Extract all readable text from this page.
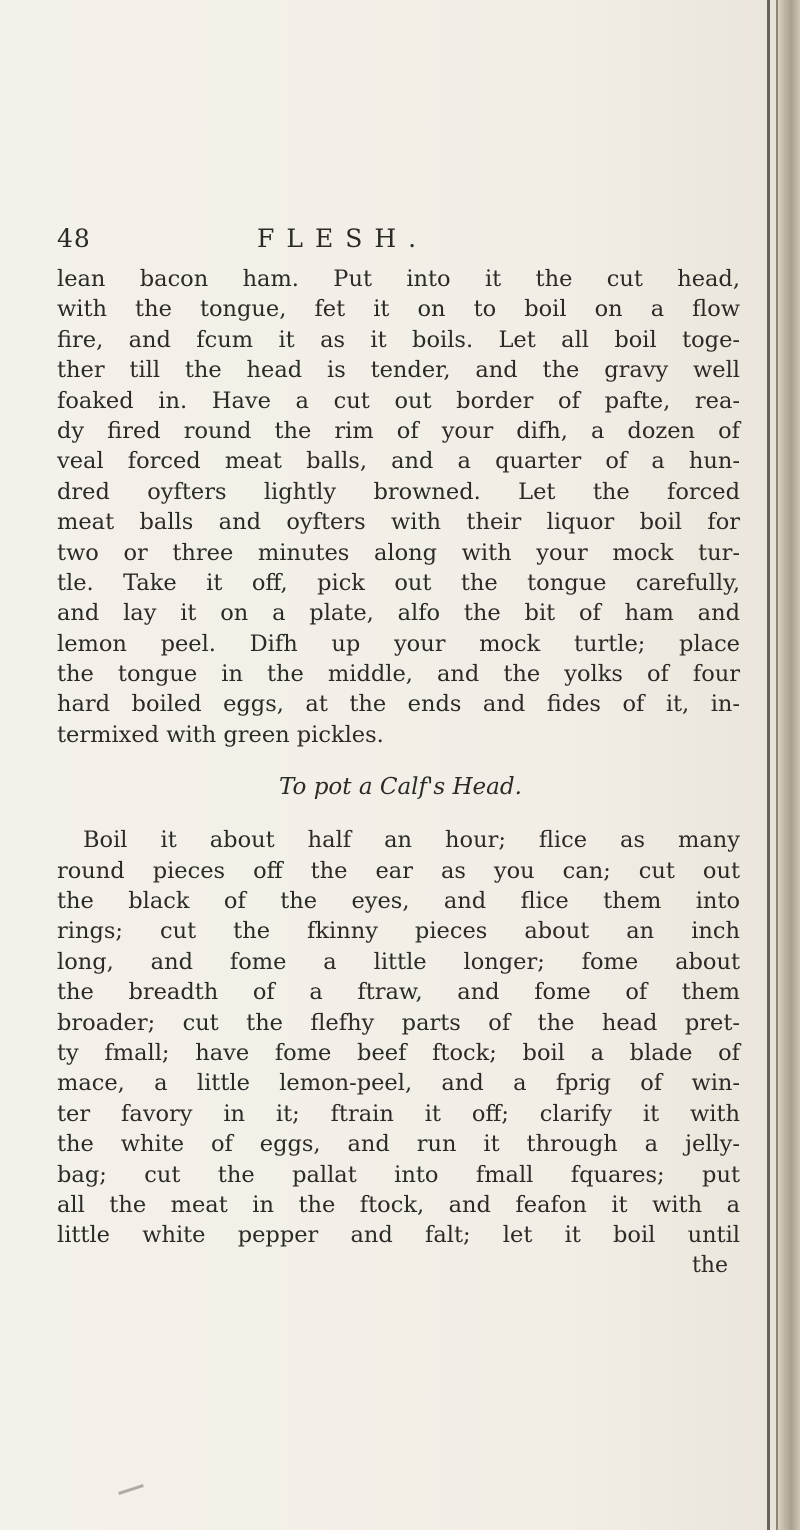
48	FLESH.
lean bacon ham. Put into it the cut head,
with the tongue, fet it on to boil on a flow
fire, and fcum it as it boils. Let all boil toge-
ther till the head is tender, and the gravy well
foaked in. Have a cut out border of pafte, rea-
dy fired round the rim of your difh, a dozen of
veal forced meat balls, and a quarter of a hun-
dred oyfters lightly browned. Let the forced
meat balls and oyfters with their liquor boil for
two or three minutes along with your mock tur-
tle. Take it off, pick out the tongue carefully,
and lay it on a plate, alfo the bit of ham and
lemon peel. Difh up your mock turtle; place
the tongue in the middle, and the yolks of four
hard boiled eggs, at the ends and fides of it, in-
termixed with green pickles.
To pot a Calf's Head.
Boil it about half an hour; flice as many
round pieces off the ear as you can; cut out
the black of the eyes, and flice them into
rings; cut the fkinny pieces about an inch
long, and fome a little longer; fome about
the breadth of a ftraw, and fome of them
broader; cut the flefhy parts of the head pret-
ty fmall; have fome beef ftock; boil a blade of
mace, a little lemon-peel, and a fprig of win-
ter favory in it; ftrain it off; clarify it with
the white of eggs, and run it through a jelly-
bag; cut the pallat into fmall fquares; put
all the meat in the ftock, and feafon it with a
little white pepper and falt; let it boil until
the
